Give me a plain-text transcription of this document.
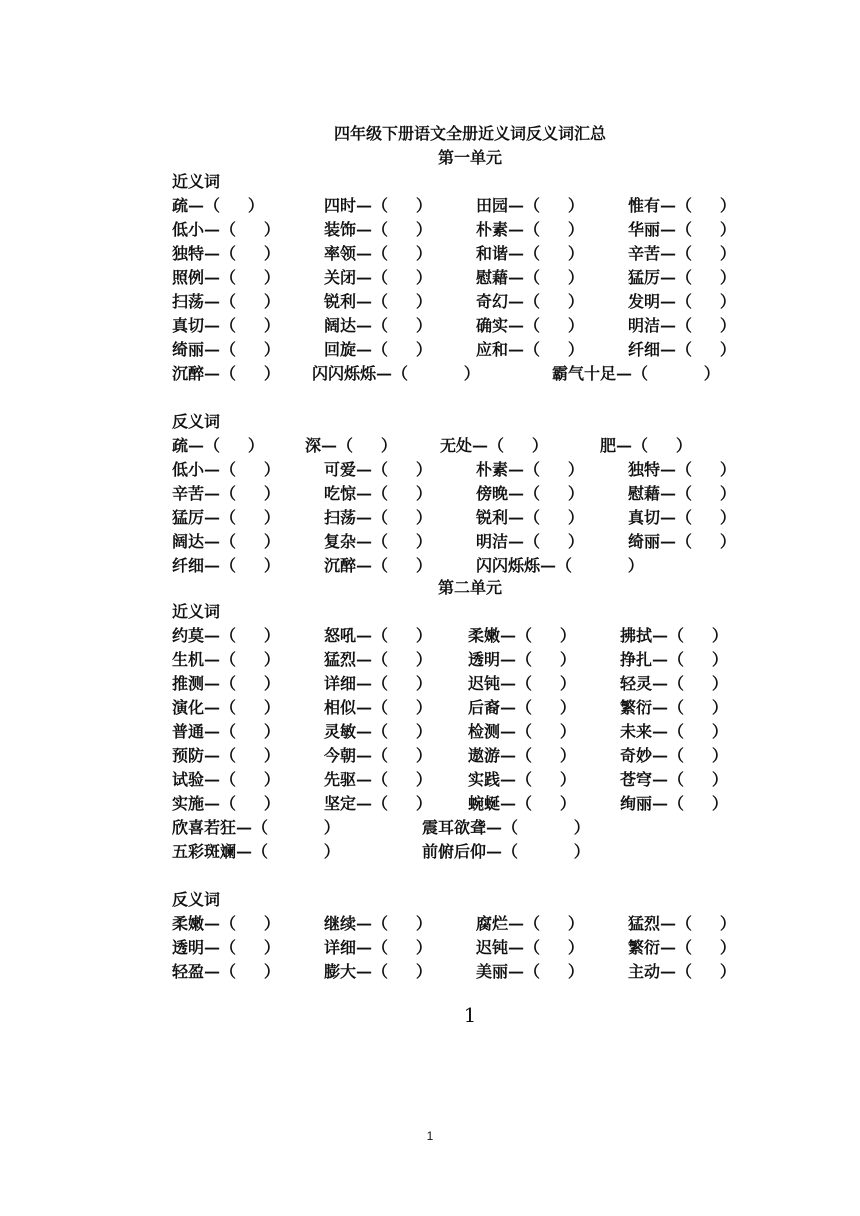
四年级下册语文全册近义词反义词汇总
第一单元
近义词
疏—（     ）	四时—（     ）	田园—（     ）	惟有—（     ）
低小—（     ）	装饰—（     ）	朴素—（     ）	华丽—（     ）
独特—（     ）	率领—（     ）	和谐—（     ）	辛苦—（     ）
照例—（     ）	关闭—（     ）	慰藉—（     ）	猛厉—（     ）
扫荡—（     ）	锐利—（     ）	奇幻—（     ）	发明—（     ）
真切—（     ）	阔达—（     ）	确实—（     ）	明洁—（     ）
绮丽—（     ）	回旋—（     ）	应和—（     ）	纤细—（     ）
沉醉—（     ） 闪闪烁烁—（          ）	霸气十足—（          ）
反义词
疏—（     ）	深—（     ）	无处—（     ）	肥—（     ）
低小—（     ）	可爱—（     ）	朴素—（     ）	独特—（     ）
辛苦—（     ）	吃惊—（     ）	傍晚—（     ）	慰藉—（     ）
猛厉—（     ）	扫荡—（     ）	锐利—（     ）	真切—（     ）
阔达—（     ）	复杂—（     ）	明洁—（     ）	绮丽—（     ）
纤细—（     ）	沉醉—（     ）	闪闪烁烁—（          ）
第二单元
近义词
约莫—（     ）	怒吼—（     ） 柔嫩—（     ）	拂拭—（     ）
生机—（     ）	猛烈—（     ） 透明—（     ）	挣扎—（     ）
推测—（     ）	详细—（     ） 迟钝—（     ）	轻灵—（     ）
演化—（     ）	相似—（     ） 后裔—（     ）	繁衍—（     ）
普通—（     ）	灵敏—（     ） 检测—（     ）	未来—（     ）
预防—（     ）	今朝—（     ） 遨游—（     ）	奇妙—（     ）
试验—（     ）	先驱—（     ） 实践—（     ）	苍穹—（     ）
实施—（     ）	坚定—（     ） 蜿蜒—（     ）	绚丽—（     ）
欣喜若狂—（          ）	震耳欲聋—（          ）
五彩斑斓—（          ）	前俯后仰—（          ）
反义词
柔嫩—（     ）	继续—（     ）	腐烂—（     ）	猛烈—（     ）
透明—（     ）	详细—（     ）	迟钝—（     ）	繁衍—（     ）
轻盈—（     ）	膨大—（     ）	美丽—（     ）	主动—（     ）
1
1
